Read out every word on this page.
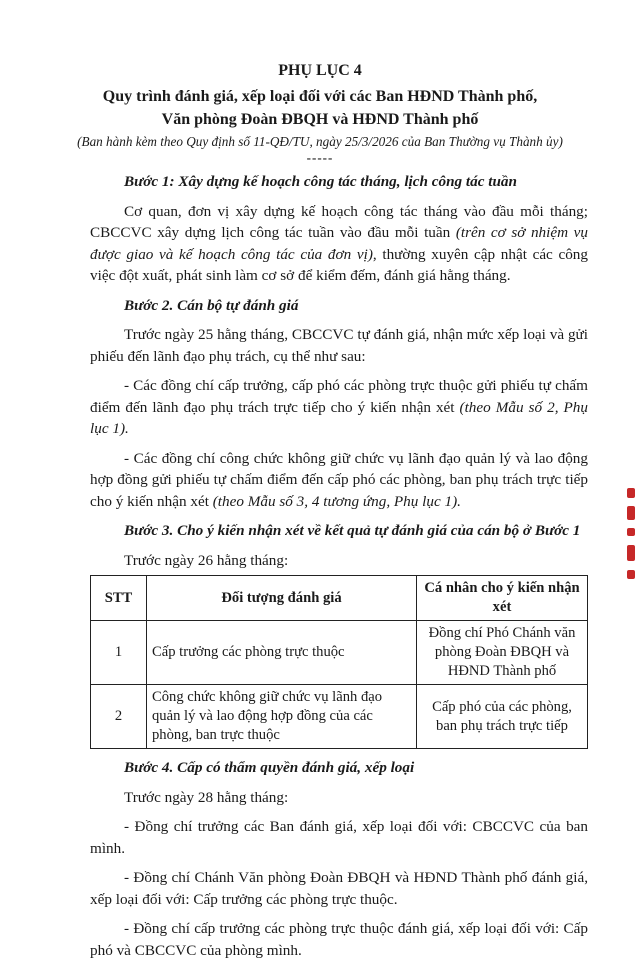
PHỤ LỤC 4
Quy trình đánh giá, xếp loại đối với các Ban HĐND Thành phố,
Văn phòng Đoàn ĐBQH và HĐND Thành phố
(Ban hành kèm theo Quy định số 11-QĐ/TU, ngày 25/3/2026 của Ban Thường vụ Thành ủy)
-----

Bước 1: Xây dựng kế hoạch công tác tháng, lịch công tác tuần

Cơ quan, đơn vị xây dựng kế hoạch công tác tháng vào đầu mỗi tháng; CBCCVC xây dựng lịch công tác tuần vào đầu mỗi tuần (trên cơ sở nhiệm vụ được giao và kế hoạch công tác của đơn vị), thường xuyên cập nhật các công việc đột xuất, phát sinh làm cơ sở để kiểm đếm, đánh giá hằng tháng.

Bước 2. Cán bộ tự đánh giá

Trước ngày 25 hằng tháng, CBCCVC tự đánh giá, nhận mức xếp loại và gửi phiếu đến lãnh đạo phụ trách, cụ thể như sau:

- Các đồng chí cấp trưởng, cấp phó các phòng trực thuộc gửi phiếu tự chấm điểm đến lãnh đạo phụ trách trực tiếp cho ý kiến nhận xét (theo Mẫu số 2, Phụ lục 1).

- Các đồng chí công chức không giữ chức vụ lãnh đạo quản lý và lao động hợp đồng gửi phiếu tự chấm điểm đến cấp phó các phòng, ban phụ trách trực tiếp cho ý kiến nhận xét (theo Mẫu số 3, 4 tương ứng, Phụ lục 1).

Bước 3. Cho ý kiến nhận xét về kết quả tự đánh giá của cán bộ ở Bước 1

Trước ngày 26 hằng tháng:

STT	Đối tượng đánh giá	Cá nhân cho ý kiến nhận xét
1	Cấp trưởng các phòng trực thuộc	Đồng chí Phó Chánh văn phòng Đoàn ĐBQH và HĐND Thành phố
2	Công chức không giữ chức vụ lãnh đạo quản lý và lao động hợp đồng của các phòng, ban trực thuộc	Cấp phó của các phòng, ban phụ trách trực tiếp

Bước 4. Cấp có thẩm quyền đánh giá, xếp loại

Trước ngày 28 hằng tháng:

- Đồng chí trưởng các Ban đánh giá, xếp loại đối với: CBCCVC của ban mình.

- Đồng chí Chánh Văn phòng Đoàn ĐBQH và HĐND Thành phố đánh giá, xếp loại đối với: Cấp trưởng các phòng trực thuộc.

- Đồng chí cấp trưởng các phòng trực thuộc đánh giá, xếp loại đối với: Cấp phó và CBCCVC của phòng mình.
